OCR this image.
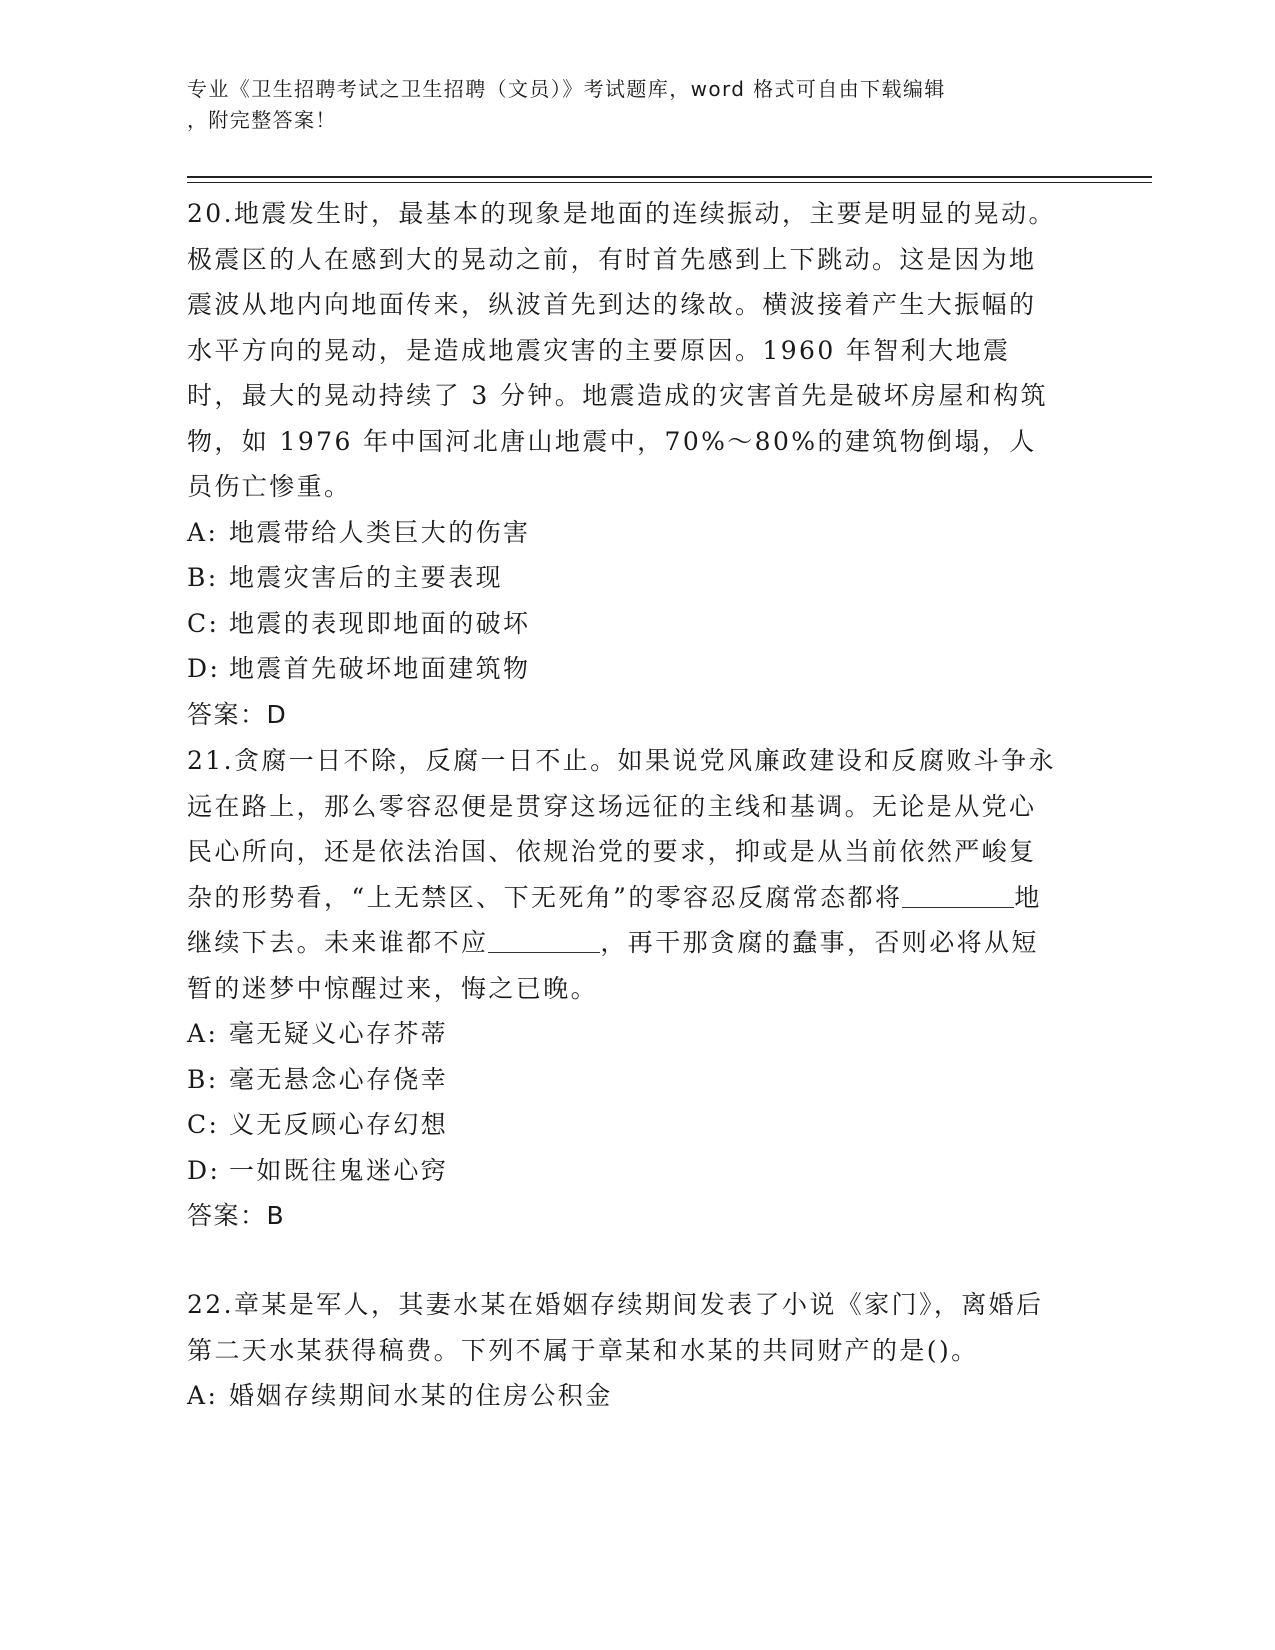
专业《卫生招聘考试之卫生招聘（文员）》考试题库，word 格式可自由下载编辑
，附完整答案！

20.地震发生时，最基本的现象是地面的连续振动，主要是明显的晃动。极震区的人在感到大的晃动之前，有时首先感到上下跳动。这是因为地震波从地内向地面传来，纵波首先到达的缘故。横波接着产生大振幅的水平方向的晃动，是造成地震灾害的主要原因。1960 年智利大地震时，最大的晃动持续了 3 分钟。地震造成的灾害首先是破坏房屋和构筑物，如 1976 年中国河北唐山地震中，70%～80%的建筑物倒塌，人员伤亡惨重。

A: 地震带给人类巨大的伤害

B: 地震灾害后的主要表现

C: 地震的表现即地面的破坏

D: 地震首先破坏地面建筑物

答案：D

21.贪腐一日不除，反腐一日不止。如果说党风廉政建设和反腐败斗争永远在路上，那么零容忍便是贯穿这场远征的主线和基调。无论是从党心民心所向，还是依法治国、依规治党的要求，抑或是从当前依然严峻复杂的形势看，“上无禁区、下无死角”的零容忍反腐常态都将	地继续下去。未来谁都不应	，再干那贪腐的蠢事，否则必将从短暂的迷梦中惊醒过来，悔之已晚。

A: 毫无疑义心存芥蒂

B: 毫无悬念心存侥幸

C: 义无反顾心存幻想

D: 一如既往鬼迷心窍

答案：B

22.章某是军人，其妻水某在婚姻存续期间发表了小说《家门》，离婚后第二天水某获得稿费。下列不属于章某和水某的共同财产的是()。

A: 婚姻存续期间水某的住房公积金
